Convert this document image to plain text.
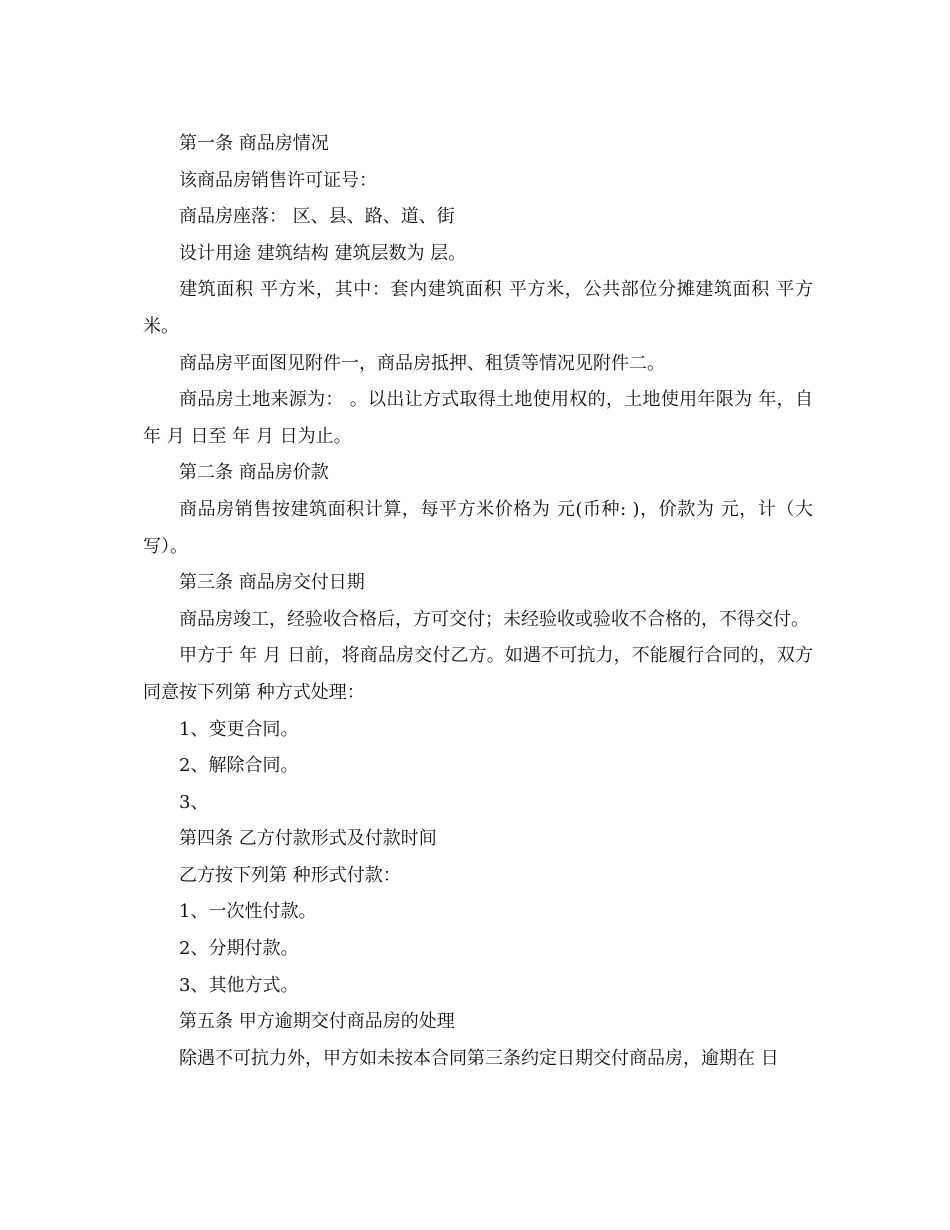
第一条 商品房情况

该商品房销售许可证号：

商品房座落： 区、县、路、道、街

设计用途 建筑结构 建筑层数为 层。

建筑面积 平方米，其中：套内建筑面积 平方米，公共部位分摊建筑面积 平方米。

商品房平面图见附件一，商品房抵押、租赁等情况见附件二。

商品房土地来源为： 。以出让方式取得土地使用权的，土地使用年限为 年，自 年 月 日至 年 月 日为止。

第二条 商品房价款

商品房销售按建筑面积计算，每平方米价格为 元(币种: )，价款为 元，计（大写）。

第三条 商品房交付日期

商品房竣工，经验收合格后，方可交付；未经验收或验收不合格的，不得交付。

甲方于 年 月 日前，将商品房交付乙方。如遇不可抗力，不能履行合同的，双方同意按下列第 种方式处理：

1、变更合同。

2、解除合同。

3、

第四条 乙方付款形式及付款时间

乙方按下列第 种形式付款：

1、一次性付款。

2、分期付款。

3、其他方式。

第五条 甲方逾期交付商品房的处理

除遇不可抗力外，甲方如未按本合同第三条约定日期交付商品房，逾期在 日
